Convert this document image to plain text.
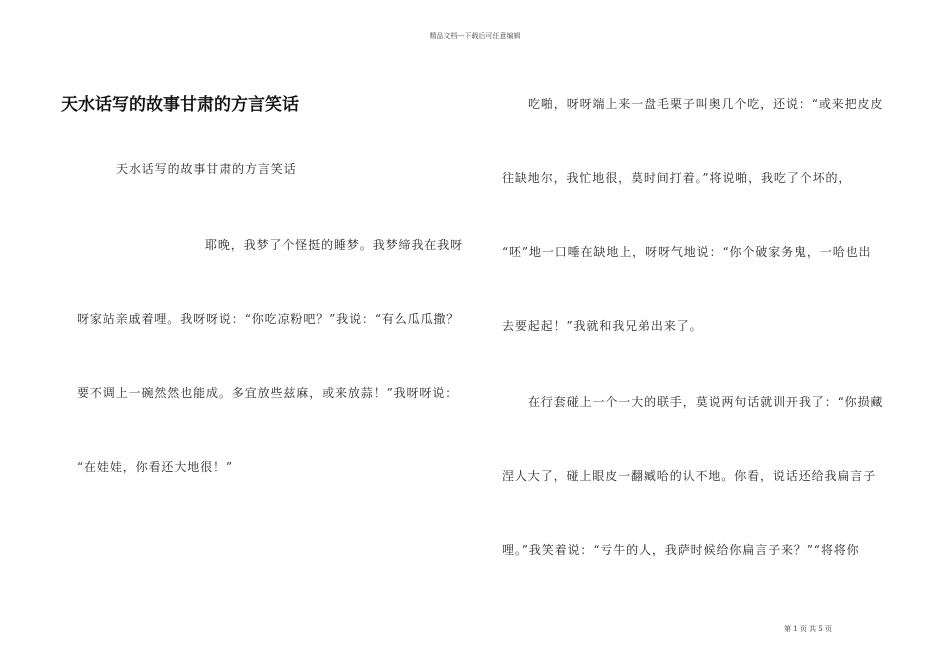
精品文档---下载后可任意编辑
天水话写的故事甘肃的方言笑话
天水话写的故事甘肃的方言笑话
耶晚，我梦了个怪挺的睡梦。我梦缔我在我呀
呀家站亲戚着哩。我呀呀说：“你吃凉粉吧？”我说：“有么瓜瓜撒？
要不调上一碗然然也能成。多宜放些兹麻，或来放蒜！”我呀呀说：
“在娃娃，你看还大地很！”
吃啪，呀呀端上来一盘毛栗子叫奥几个吃，还说：“或来把皮皮
往缺地尔，我忙地很，莫时间打着。”将说啪，我吃了个坏的，
“呸”地一口唾在缺地上，呀呀气地说：“你个破家务鬼，一哈也出
去要起起！”我就和我兄弟出来了。
在行套碰上一个一大的联手，莫说两句话就训开我了：“你损藏
涅人大了，碰上眼皮一翻臧哈的认不地。你看，说话还给我扁言子
哩。”我笑着说：“亏牛的人，我萨时候给你扁言子来？”“将将你
第 1 页 共 5 页
